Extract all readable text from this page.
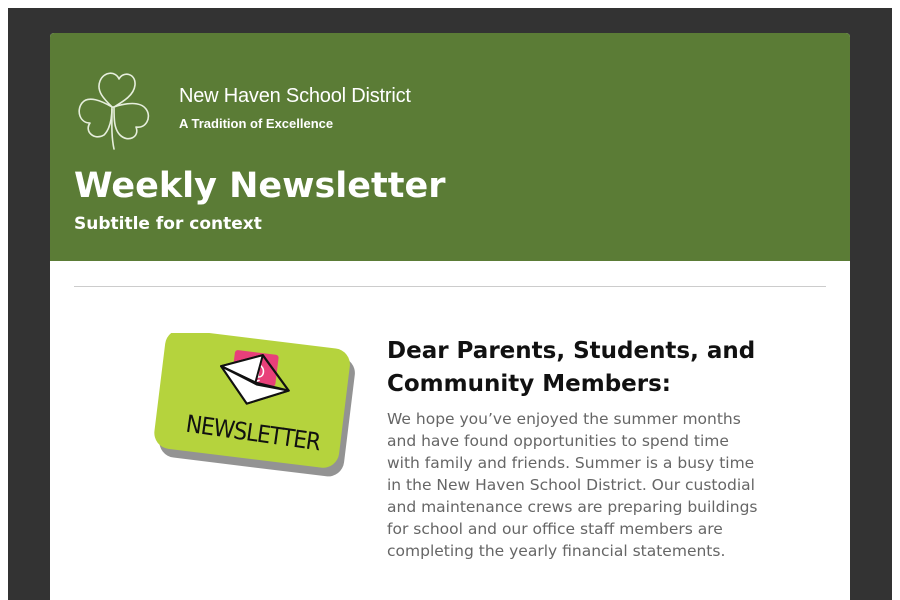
New Haven School District
A Tradition of Excellence
Weekly Newsletter
Subtitle for context
NEWSLETTER
Dear Parents, Students, and Community Members:

We hope you’ve enjoyed the summer months and have found opportunities to spend time with family and friends. Summer is a busy time in the New Haven School District. Our custodial and maintenance crews are preparing buildings for school and our office staff members are completing the yearly financial statements.
